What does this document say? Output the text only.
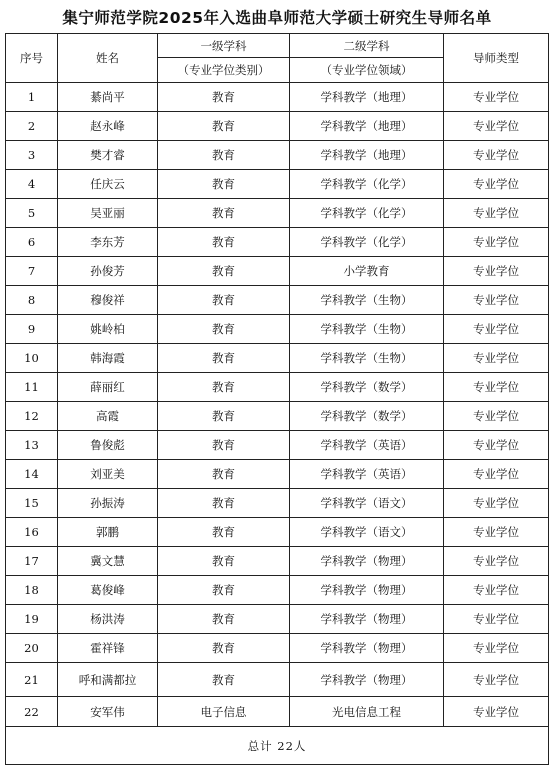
集宁师范学院2025年入选曲阜师范大学硕士研究生导师名单
序号	姓名	一级学科	二级学科	导师类型
		（专业学位类别）	（专业学位领域）	
1	綦尚平	教育	学科教学（地理）	专业学位
2	赵永峰	教育	学科教学（地理）	专业学位
3	樊才睿	教育	学科教学（地理）	专业学位
4	任庆云	教育	学科教学（化学）	专业学位
5	吴亚丽	教育	学科教学（化学）	专业学位
6	李东芳	教育	学科教学（化学）	专业学位
7	孙俊芳	教育	小学教育	专业学位
8	穆俊祥	教育	学科教学（生物）	专业学位
9	姚岭柏	教育	学科教学（生物）	专业学位
10	韩海霞	教育	学科教学（生物）	专业学位
11	薛丽红	教育	学科教学（数学）	专业学位
12	高霞	教育	学科教学（数学）	专业学位
13	鲁俊彪	教育	学科教学（英语）	专业学位
14	刘亚美	教育	学科教学（英语）	专业学位
15	孙振涛	教育	学科教学（语文）	专业学位
16	郭鹏	教育	学科教学（语文）	专业学位
17	冀文慧	教育	学科教学（物理）	专业学位
18	葛俊峰	教育	学科教学（物理）	专业学位
19	杨洪涛	教育	学科教学（物理）	专业学位
20	霍祥锋	教育	学科教学（物理）	专业学位
21	呼和满都拉	教育	学科教学（物理）	专业学位
22	安军伟	电子信息	光电信息工程	专业学位
总计 22人				
